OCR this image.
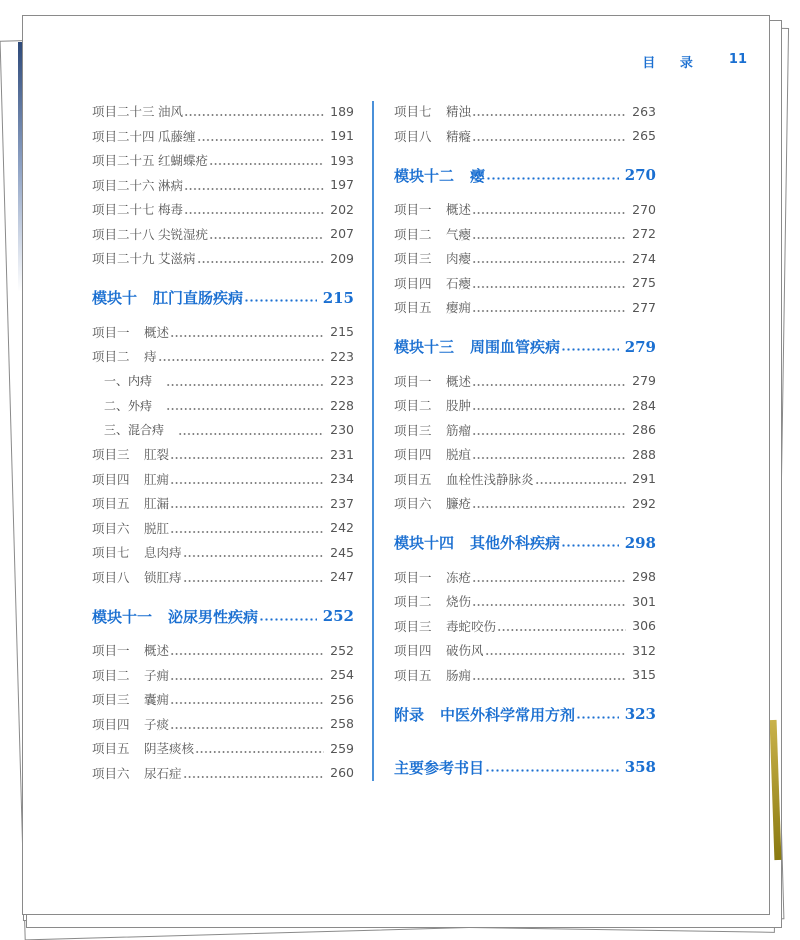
目 录 11
项目二十三 油风	189
项目二十四 瓜藤缠	191
项目二十五 红蝴蝶疮	193
项目二十六 淋病	197
项目二十七 梅毒	202
项目二十八 尖锐湿疣	207
项目二十九 艾滋病	209
模块十 肛门直肠疾病	215
项目一 概述	215
项目二 痔	223
一、内痔	223
二、外痔	228
三、混合痔	230
项目三 肛裂	231
项目四 肛痈	234
项目五 肛漏	237
项目六 脱肛	242
项目七 息肉痔	245
项目八 锁肛痔	247
模块十一 泌尿男性疾病	252
项目一 概述	252
项目二 子痈	254
项目三 囊痈	256
项目四 子痰	258
项目五 阴茎痰核	259
项目六 尿石症	260
项目七 精浊	263
项目八 精癃	265
模块十二 瘿	270
项目一 概述	270
项目二 气瘿	272
项目三 肉瘿	274
项目四 石瘿	275
项目五 瘿痈	277
模块十三 周围血管疾病	279
项目一 概述	279
项目二 股肿	284
项目三 筋瘤	286
项目四 脱疽	288
项目五 血栓性浅静脉炎	291
项目六 臁疮	292
模块十四 其他外科疾病	298
项目一 冻疮	298
项目二 烧伤	301
项目三 毒蛇咬伤	306
项目四 破伤风	312
项目五 肠痈	315
附录 中医外科学常用方剂	323
主要参考书目	358
